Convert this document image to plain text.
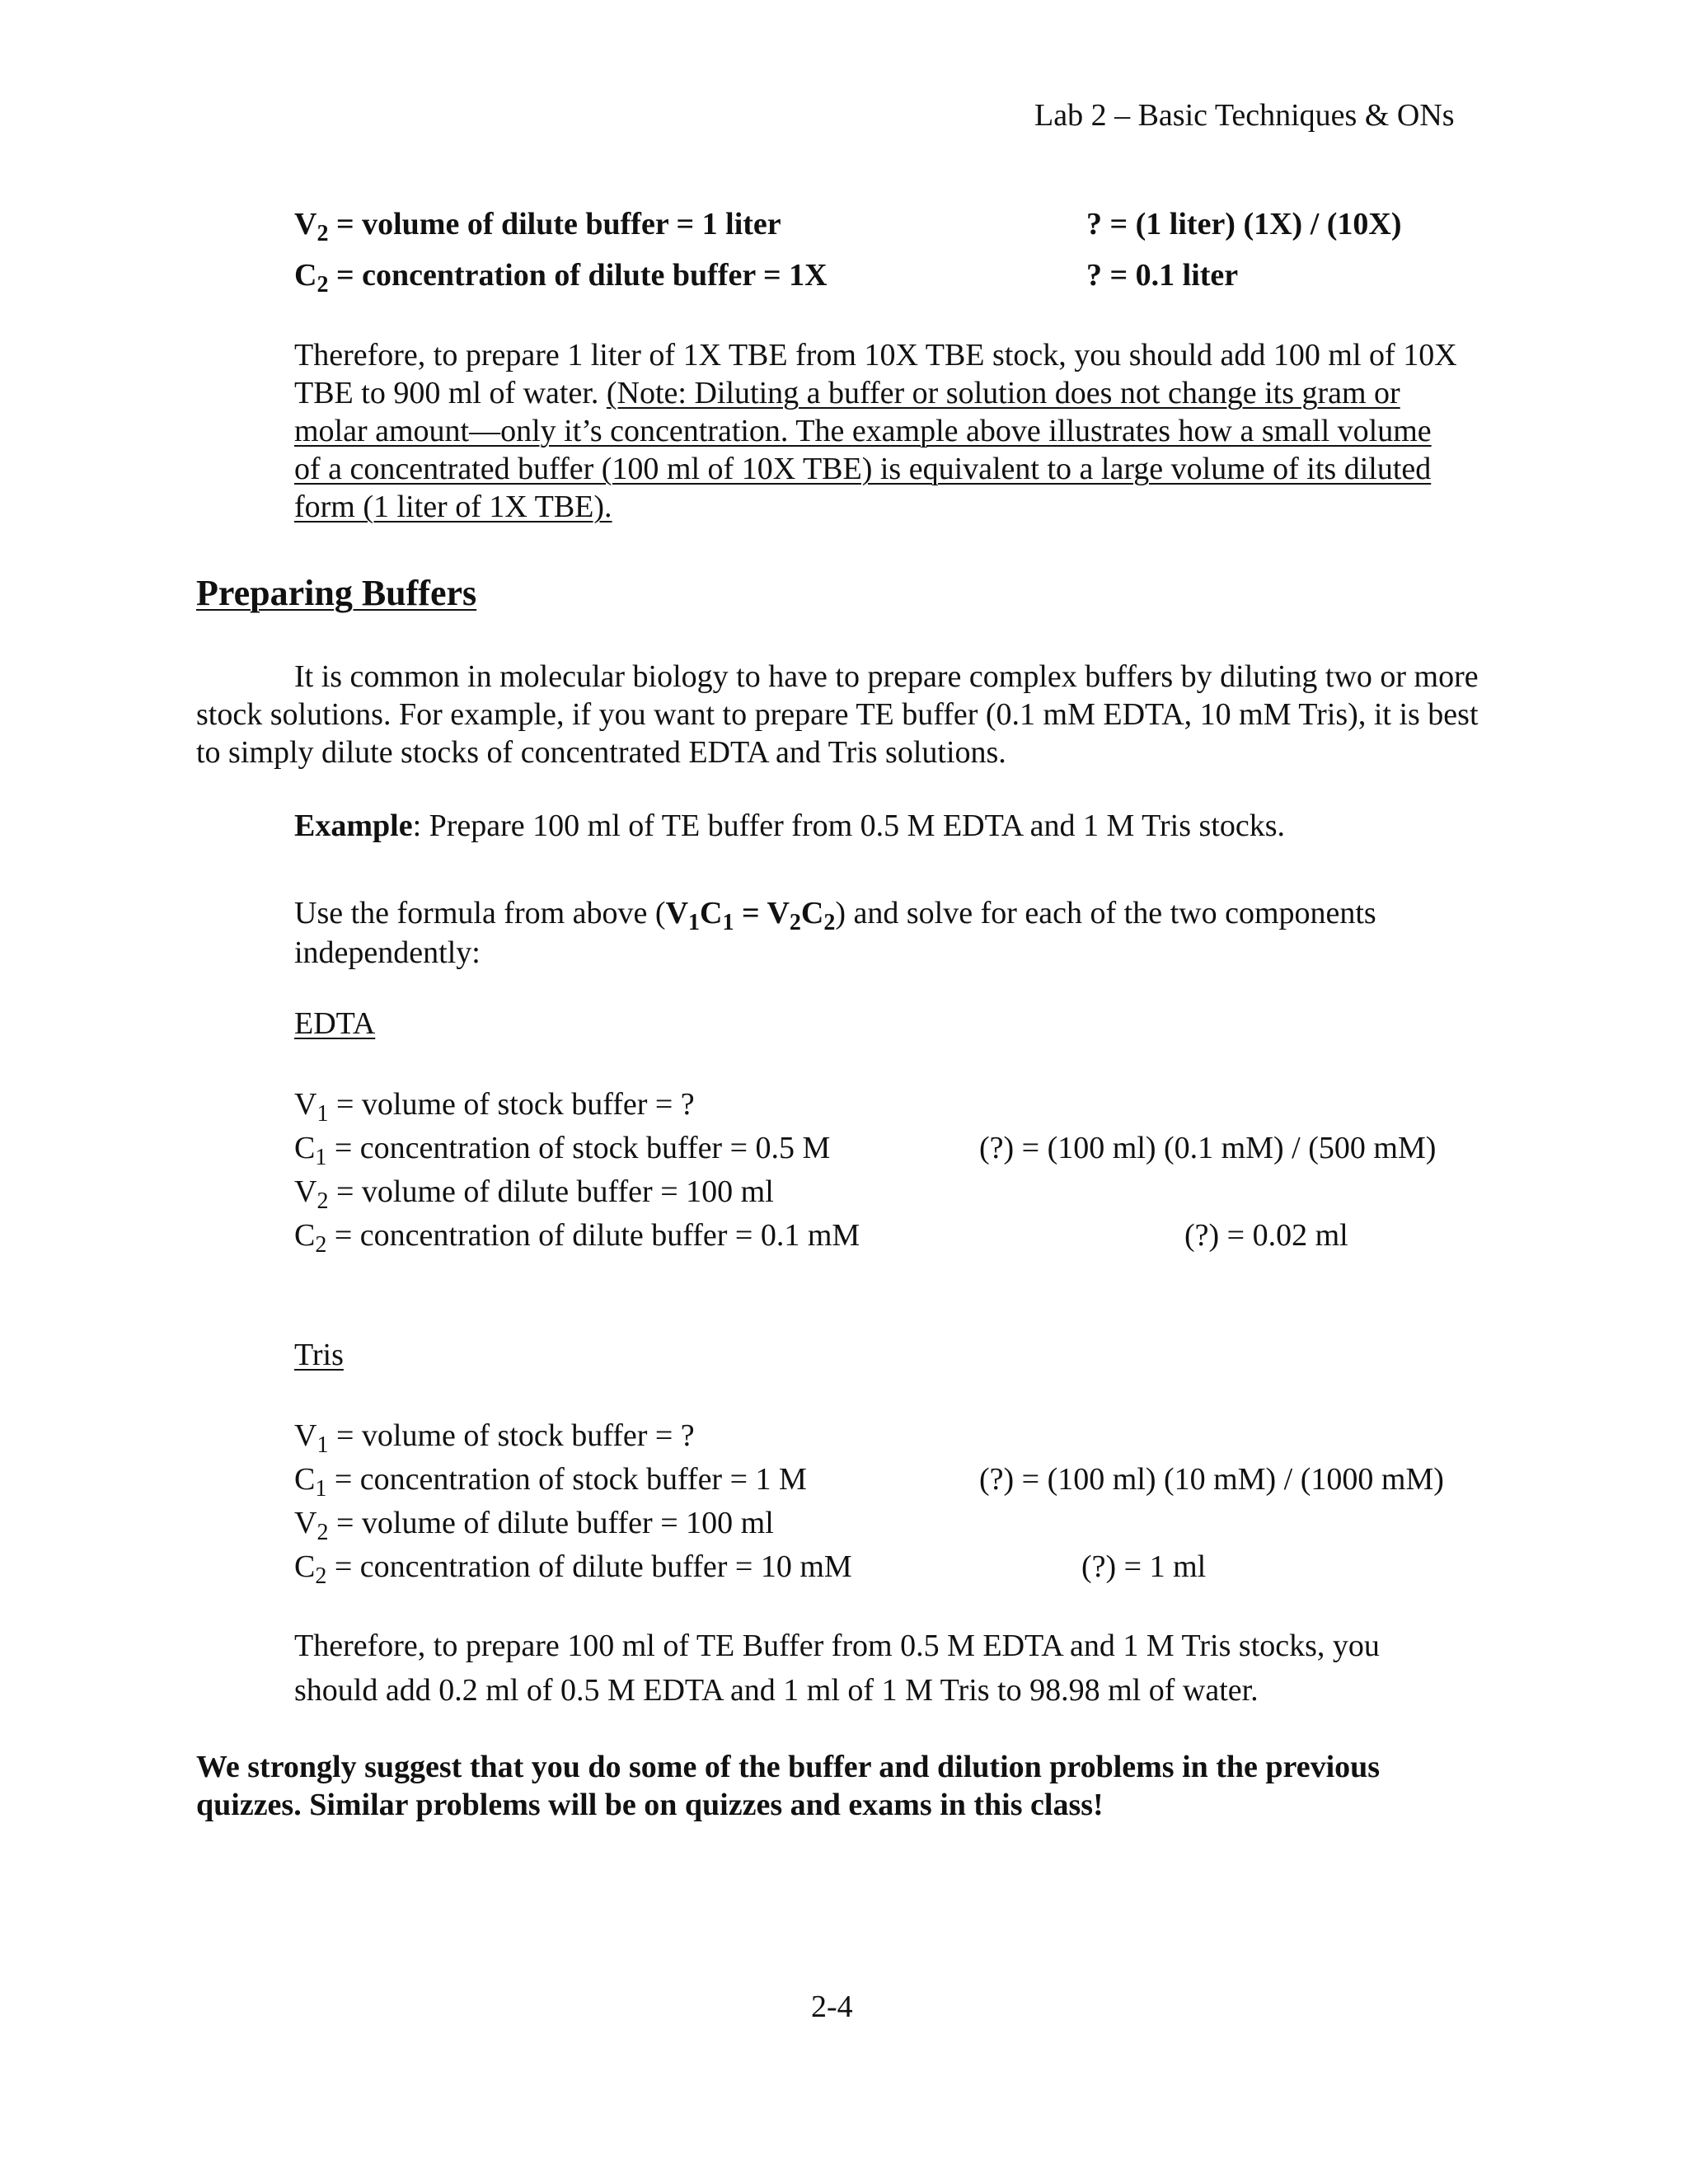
Lab 2 – Basic Techniques & ONs
$V_2$ = volume of dilute buffer = 1 liter
$C_2$ = concentration of dilute buffer = 1X
? = (1 liter) (1X) / (10X)
? = 0.1 liter
Therefore, to prepare 1 liter of 1X TBE from 10X TBE stock, you should add 100 ml of 10X TBE to 900 ml of water. (Note: Diluting a buffer or solution does not change its gram or molar amount—only it’s concentration. The example above illustrates how a small volume of a concentrated buffer (100 ml of 10X TBE) is equivalent to a large volume of its diluted form (1 liter of 1X TBE).
Preparing Buffers
It is common in molecular biology to have to prepare complex buffers by diluting two or more stock solutions. For example, if you want to prepare TE buffer (0.1 mM EDTA, 10 mM Tris), it is best to simply dilute stocks of concentrated EDTA and Tris solutions.
Example: Prepare 100 ml of TE buffer from 0.5 M EDTA and 1 M Tris stocks.
Use the formula from above $(V_1C_1 = V_2C_2)$ and solve for each of the two components
independently:
EDTA
$V_1$ = volume of stock buffer = ?
$C_1$ = concentration of stock buffer = 0.5 M
$V_2$ = volume of dilute buffer = 100 ml
$C_2$ = concentration of dilute buffer = 0.1 mM
(?) = (100 ml) (0.1 mM) / (500 mM)
(?) = 0.02 ml
Tris
$V_1$ = volume of stock buffer = ?
$C_1$ = concentration of stock buffer = 1 M
$V_2$ = volume of dilute buffer = 100 ml
$C_2$ = concentration of dilute buffer = 10 mM
(?) = (100 ml) (10 mM) / (1000 mM)
(?) = 1 ml
Therefore, to prepare 100 ml of TE Buffer from 0.5 M EDTA and 1 M Tris stocks, you
should add 0.2 ml of 0.5 M EDTA and 1 ml of 1 M Tris to 98.98 ml of water.
We strongly suggest that you do some of the buffer and dilution problems in the previous
quizzes. Similar problems will be on quizzes and exams in this class!
2-4
